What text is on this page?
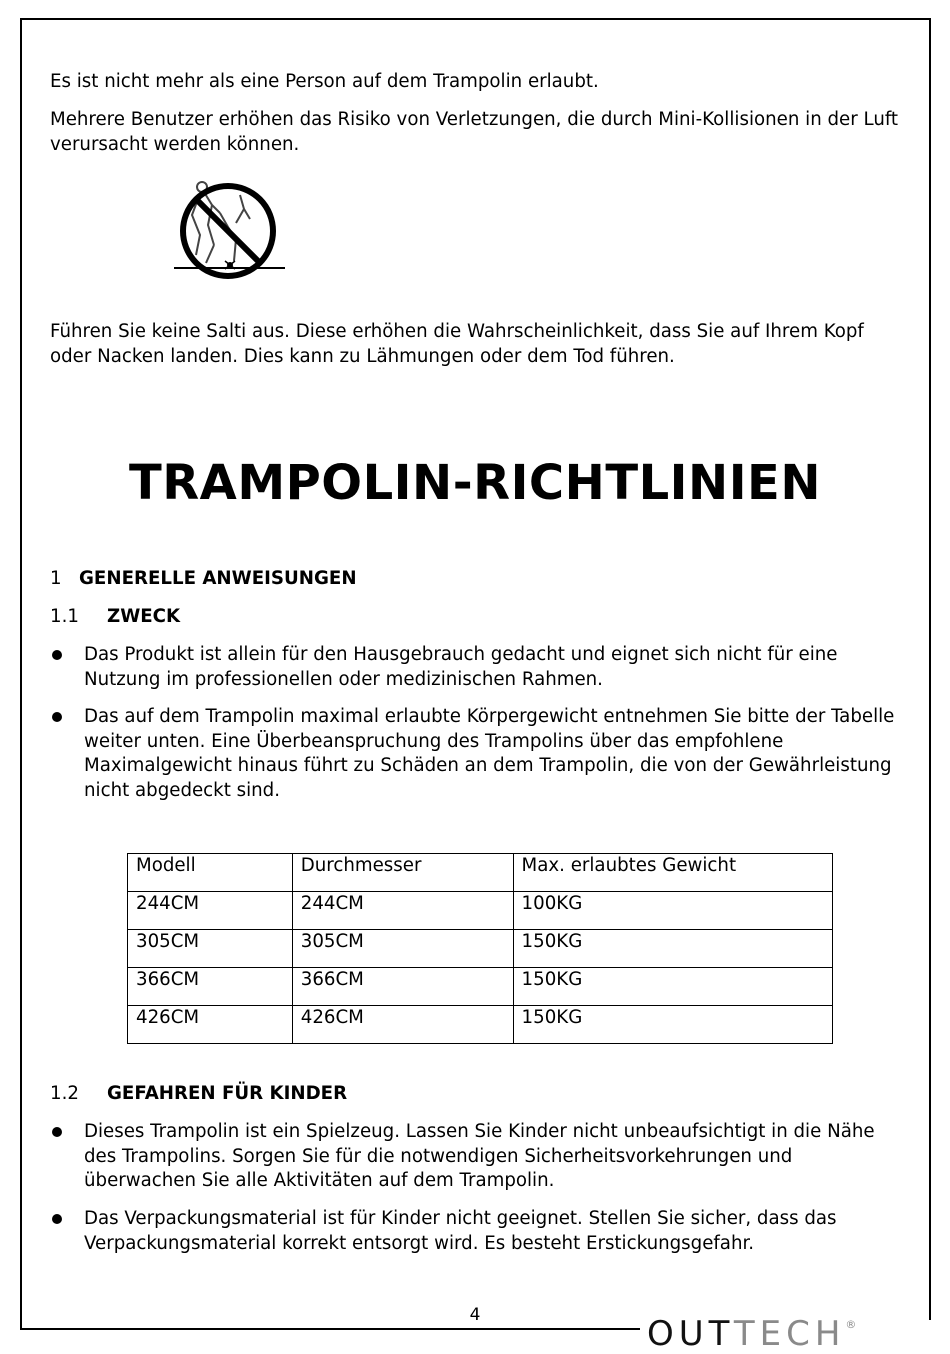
Es ist nicht mehr als eine Person auf dem Trampolin erlaubt.

Mehrere Benutzer erhöhen das Risiko von Verletzungen, die durch Mini-Kollisionen in der Luft verursacht werden können.

Führen Sie keine Salti aus. Diese erhöhen die Wahrscheinlichkeit, dass Sie auf Ihrem Kopf oder Nacken landen. Dies kann zu Lähmungen oder dem Tod führen.

TRAMPOLIN-RICHTLINIEN
1 GENERELLE ANWEISUNGEN
1.1 ZWECK

Das Produkt ist allein für den Hausgebrauch gedacht und eignet sich nicht für eine Nutzung im professionellen oder medizinischen Rahmen.

Das auf dem Trampolin maximal erlaubte Körpergewicht entnehmen Sie bitte der Tabelle weiter unten. Eine Überbeanspruchung des Trampolins über das empfohlene Maximalgewicht hinaus führt zu Schäden an dem Trampolin, die von der Gewährleistung nicht abgedeckt sind.

Modell	Durchmesser	Max. erlaubtes Gewicht
244CM	244CM	100KG
305CM	305CM	150KG
366CM	366CM	150KG
426CM	426CM	150KG
1.2 GEFAHREN FÜR KINDER

Dieses Trampolin ist ein Spielzeug. Lassen Sie Kinder nicht unbeaufsichtigt in die Nähe des Trampolins. Sorgen Sie für die notwendigen Sicherheitsvorkehrungen und überwachen Sie alle Aktivitäten auf dem Trampolin.

Das Verpackungsmaterial ist für Kinder nicht geeignet. Stellen Sie sicher, dass das Verpackungsmaterial korrekt entsorgt wird. Es besteht Erstickungsgefahr.

4	OUTTECH®
